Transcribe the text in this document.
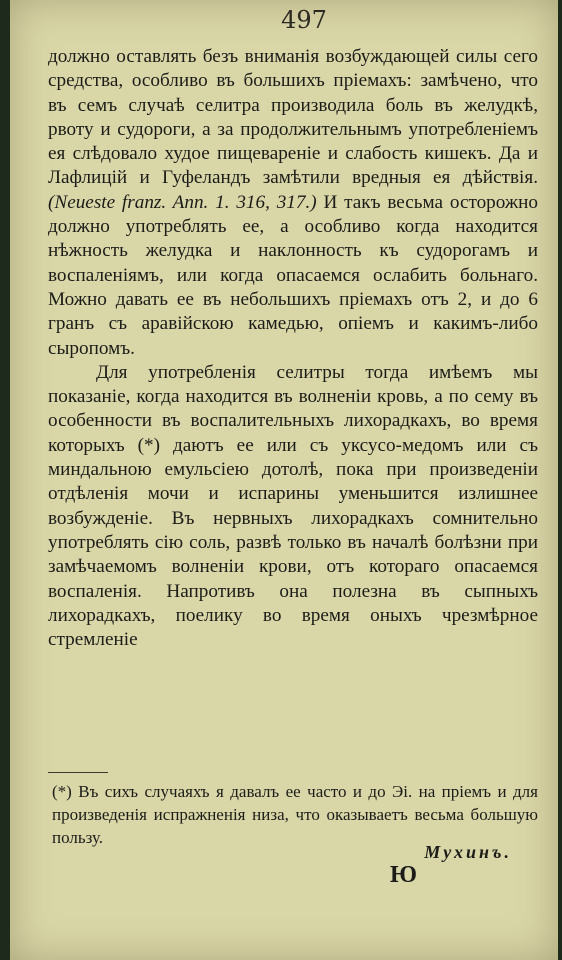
497

должно оставлять безъ вниманія возбуждающей силы сего средства, особливо въ большихъ пріемахъ: замѣчено, что въ семъ случаѣ селитра производила боль въ желудкѣ, рвоту и судороги, а за продолжительнымъ употребленіемъ ея слѣдовало худое пищевареніе и слабость кишекъ. Да и Лафлицій и Гуфеландъ замѣтили вредныя ея дѣйствія. (Neueste franz. Ann. 1. 316, 317.) И такъ весьма осторожно должно употреблять ее, а особливо когда находится нѣжность желудка и наклонность къ судорогамъ и воспаленіямъ, или когда опасаемся ослабить больнаго. Можно давать ее въ небольшихъ пріемахъ отъ 2, и до 6 гранъ съ аравійскою камедью, опіемъ и какимъ-либо сыропомъ.

Для употребленія селитры тогда имѣемъ мы показаніе, когда находится въ волненіи кровь, а по сему въ особенности въ воспалительныхъ лихорадкахъ, во время которыхъ (*) даютъ ее или съ уксусо-медомъ или съ миндальною емульсіею дотолѣ, пока при произведеніи отдѣленія мочи и испарины уменьшится излишнее возбужденіе. Въ нервныхъ лихорадкахъ сомнительно употреблять сію соль, развѣ только въ началѣ болѣзни при замѣчаемомъ волненіи крови, отъ котораго опасаемся воспаленія. Напротивъ она полезна въ сыпныхъ лихорадкахъ, поелику во время оныхъ чрезмѣрное стремленіе

(*) Въ сихъ случаяхъ я давалъ ее часто и до Эі. на пріемъ и для произведенія испражненія низа, что оказываетъ весьма большую пользу.

Мухинъ.
Ю
